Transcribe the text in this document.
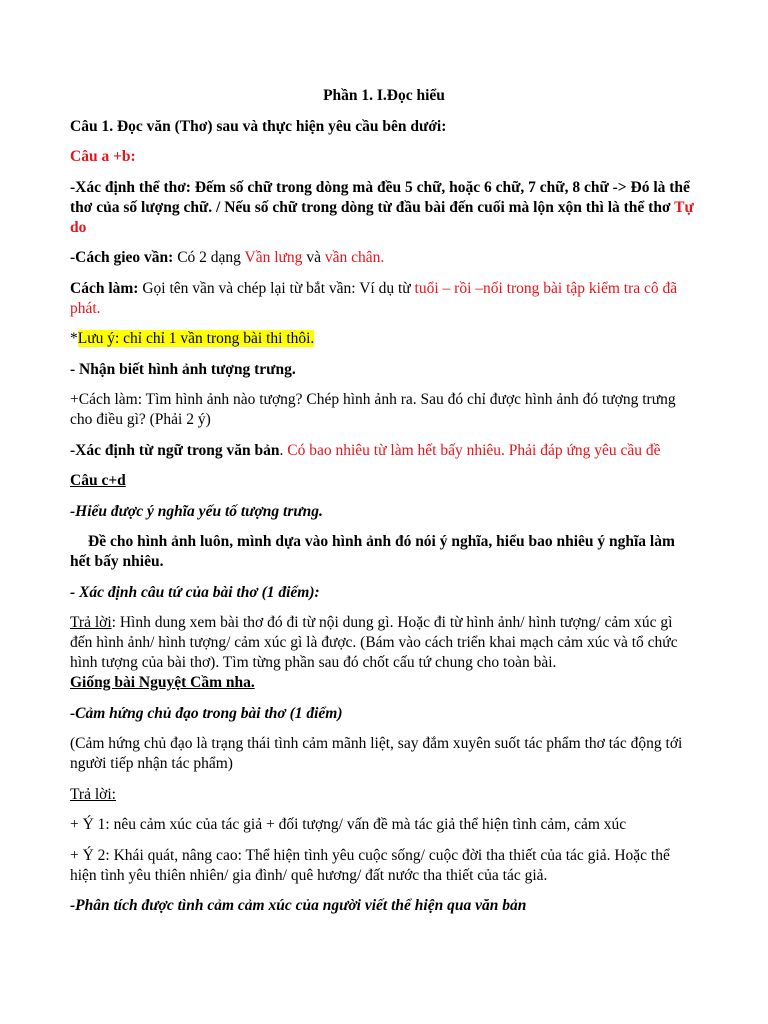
Phần 1. I.Đọc hiểu

Câu 1. Đọc văn (Thơ) sau và thực hiện yêu cầu bên dưới:

Câu a +b:

-Xác định thể thơ: Đếm số chữ trong dòng mà đều 5 chữ, hoặc 6 chữ, 7 chữ, 8 chữ -> Đó là thể thơ của số lượng chữ. / Nếu số chữ trong dòng từ đầu bài đến cuối mà lộn xộn thì là thể thơ Tự do

-Cách gieo vần: Có 2 dạng Vần lưng và vần chân.

Cách làm: Gọi tên vần và chép lại từ bắt vần: Ví dụ từ tuổi – rồi –nối trong bài tập kiểm tra cô đã phát.

*Lưu ý: chỉ chỉ 1 vần trong bài thi thôi.

- Nhận biết hình ảnh tượng trưng.

+Cách làm: Tìm hình ảnh nào tượng? Chép hình ảnh ra. Sau đó chỉ được hình ảnh đó tượng trưng cho điều gì? (Phải 2 ý)

-Xác định từ ngữ trong văn bản. Có bao nhiêu từ làm hết bấy nhiêu. Phải đáp ứng yêu cầu đề

Câu c+d

-Hiểu được ý nghĩa yếu tố tượng trưng.

Đề cho hình ảnh luôn, mình dựa vào hình ảnh đó nói ý nghĩa, hiểu bao nhiêu ý nghĩa làm hết bấy nhiêu.

- Xác định câu tứ của bài thơ (1 điểm):

Trả lời: Hình dung xem bài thơ đó đi từ nội dung gì. Hoặc đi từ hình ảnh/ hình tượng/ cảm xúc gì đến hình ảnh/ hình tượng/ cảm xúc gì là được. (Bám vào cách triển khai mạch cảm xúc và tổ chức hình tượng của bài thơ). Tìm từng phần sau đó chốt cấu tứ chung cho toàn bài.

Giống bài Nguyệt Cầm nha.

-Cảm hứng chủ đạo trong bài thơ (1 điểm)

(Cảm hứng chủ đạo là trạng thái tình cảm mãnh liệt, say đắm xuyên suốt tác phẩm thơ tác động tới người tiếp nhận tác phẩm)

Trả lời:

+ Ý 1: nêu cảm xúc của tác giả + đối tượng/ vấn đề mà tác giả thể hiện tình cảm, cảm xúc

+ Ý 2: Khái quát, nâng cao: Thể hiện tình yêu cuộc sống/ cuộc đời tha thiết của tác giả. Hoặc thể hiện tình yêu thiên nhiên/ gia đình/ quê hương/ đất nước tha thiết của tác giả.

-Phân tích được tình cảm cảm xúc của người viết thể hiện qua văn bản
